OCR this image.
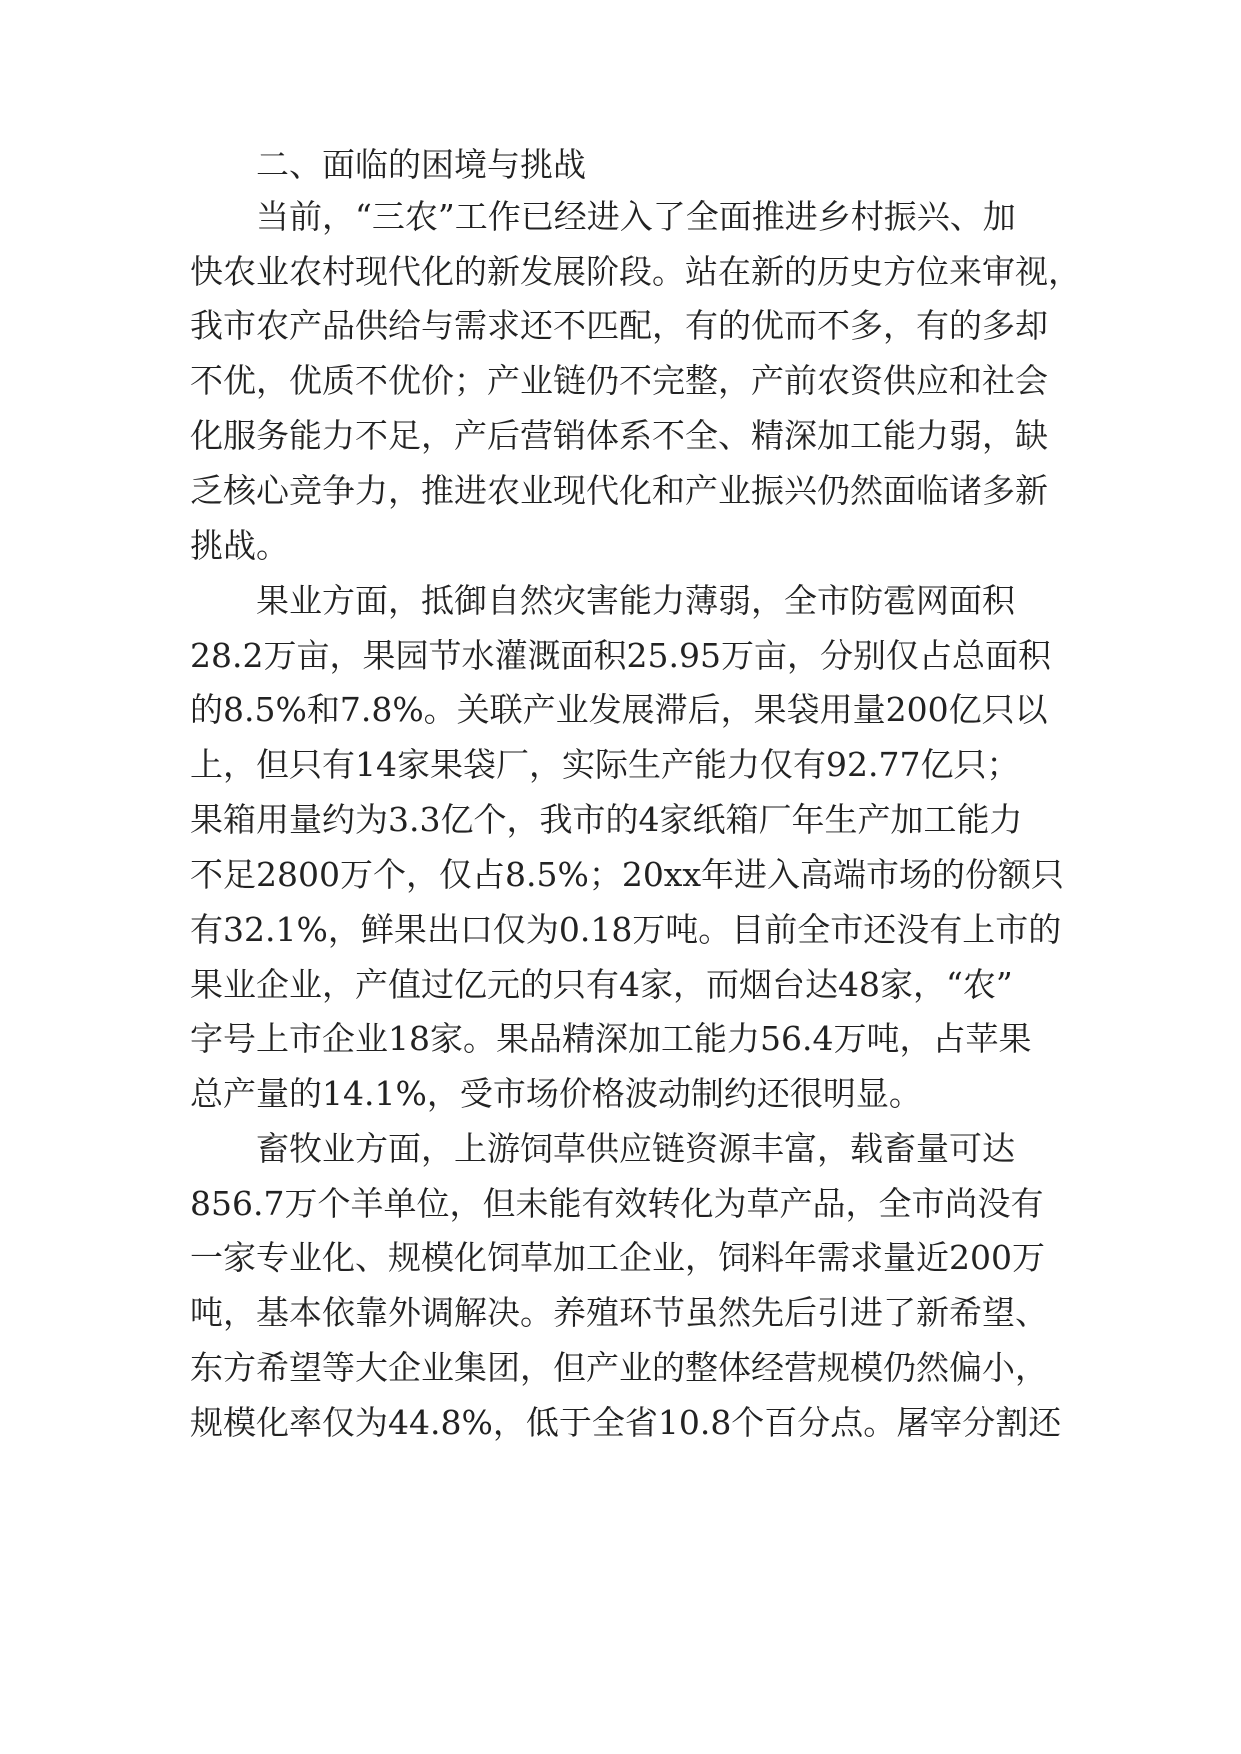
二、面临的困境与挑战

当前，“三农”工作已经进入了全面推进乡村振兴、加

快农业农村现代化的新发展阶段。站在新的历史方位来审视，

我市农产品供给与需求还不匹配，有的优而不多，有的多却

不优，优质不优价；产业链仍不完整，产前农资供应和社会

化服务能力不足，产后营销体系不全、精深加工能力弱，缺

乏核心竞争力，推进农业现代化和产业振兴仍然面临诸多新

挑战。

果业方面，抵御自然灾害能力薄弱，全市防雹网面积

28.2万亩，果园节水灌溉面积25.95万亩，分别仅占总面积

的8.5%和7.8%。关联产业发展滞后，果袋用量200亿只以

上，但只有14家果袋厂，实际生产能力仅有92.77亿只；

果箱用量约为3.3亿个，我市的4家纸箱厂年生产加工能力

不足2800万个，仅占8.5%；20xx年进入高端市场的份额只

有32.1%，鲜果出口仅为0.18万吨。目前全市还没有上市的

果业企业，产值过亿元的只有4家，而烟台达48家，“农”

字号上市企业18家。果品精深加工能力56.4万吨，占苹果

总产量的14.1%，受市场价格波动制约还很明显。

畜牧业方面，上游饲草供应链资源丰富，载畜量可达

856.7万个羊单位，但未能有效转化为草产品，全市尚没有

一家专业化、规模化饲草加工企业，饲料年需求量近200万

吨，基本依靠外调解决。养殖环节虽然先后引进了新希望、

东方希望等大企业集团，但产业的整体经营规模仍然偏小，

规模化率仅为44.8%，低于全省10.8个百分点。屠宰分割还
